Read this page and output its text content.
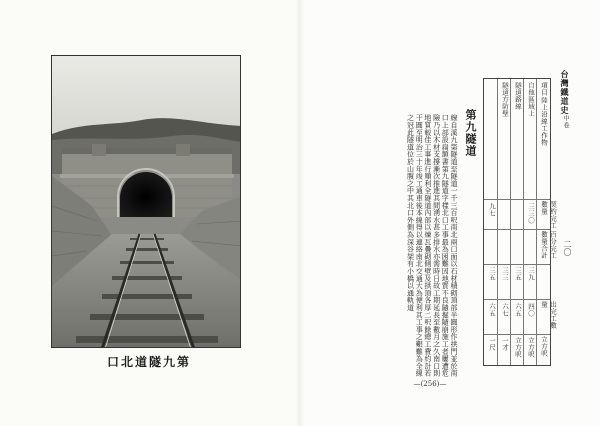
口北道隧九第
台灣鐵道史中卷
二〇
項目
陸上沿線工作物
自他區域上
隧道路線
隧道方防壁
契約完工數量
百分完工數量合計
出完工數量
立方呎
三三〇
三九
三五
三三
三五
四〇
六五
六七
六五
九七
立方呎
立方呎
一才
一尺
第九隧道
線自溪九第隧道至隧道一千三百呎南北兩口面以石材積砌頂部半圓形作拱門並於南口上部設扁額書第九隧道字樣北口工事最為困難因地質不良隨掘隨崩施工者屢遭危險乃以木材支撐漸次推進其間湧水甚多排水亦需時日故工期延長至數月之久南口則地質較佳工事進行順利全隧道內部以煉瓦疊砌側壁及拱頂各厚二呎餘總工費約計若干圓至明治三十年竣工通車後本線得以連絡南北交通大為便利其工事之艱難為全線之冠此隧道位於山腹之中其北口外側為深谷架有小橋以通軌道
—(256)—
